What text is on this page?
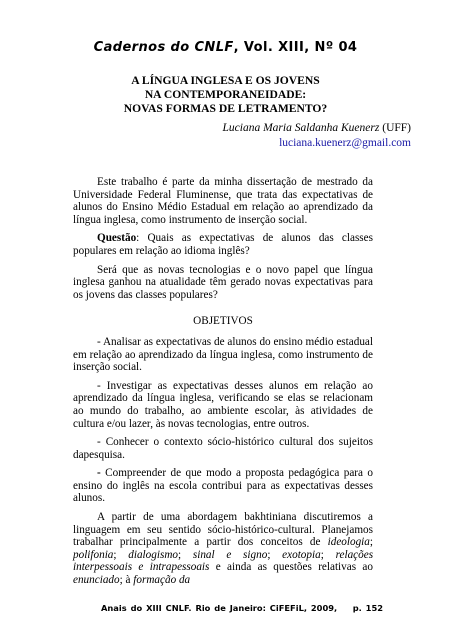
Cadernos do CNLF, Vol. XIII, Nº 04
A LÍNGUA INGLESA E OS JOVENS
NA CONTEMPORANEIDADE:
NOVAS FORMAS DE LETRAMENTO?
Luciana Maria Saldanha Kuenerz (UFF)
luciana.kuenerz@gmail.com

Este trabalho é parte da minha dissertação de mestrado da Universidade Federal Fluminense, que trata das expectativas de alunos do Ensino Médio Estadual em relação ao aprendizado da língua inglesa, como instrumento de inserção social.

Questão: Quais as expectativas de alunos das classes populares em relação ao idioma inglês?

Será que as novas tecnologias e o novo papel que língua inglesa ganhou na atualidade têm gerado novas expectativas para os jovens das classes populares?

OBJETIVOS

- Analisar as expectativas de alunos do ensino médio estadual em relação ao aprendizado da língua inglesa, como instrumento de inserção social.

- Investigar as expectativas desses alunos em relação ao aprendizado da língua inglesa, verificando se elas se relacionam ao mundo do trabalho, ao ambiente escolar, às atividades de cultura e/ou lazer, às novas tecnologias, entre outros.

- Conhecer o contexto sócio-histórico cultural dos sujeitos dapesquisa.

- Compreender de que modo a proposta pedagógica para o ensino do inglês na escola contribui para as expectativas desses alunos.

A partir de uma abordagem bakhtiniana discutiremos a linguagem em seu sentido sócio-histórico-cultural. Planejamos trabalhar principalmente a partir dos conceitos de ideologia; polifonia; dialogismo; sinal e signo; exotopia; relações interpessoais e intrapessoais e ainda as questões relativas ao enunciado; à formação da

Anais do XIII CNLF. Rio de Janeiro: CiFEFiL, 2009,    p. 152
